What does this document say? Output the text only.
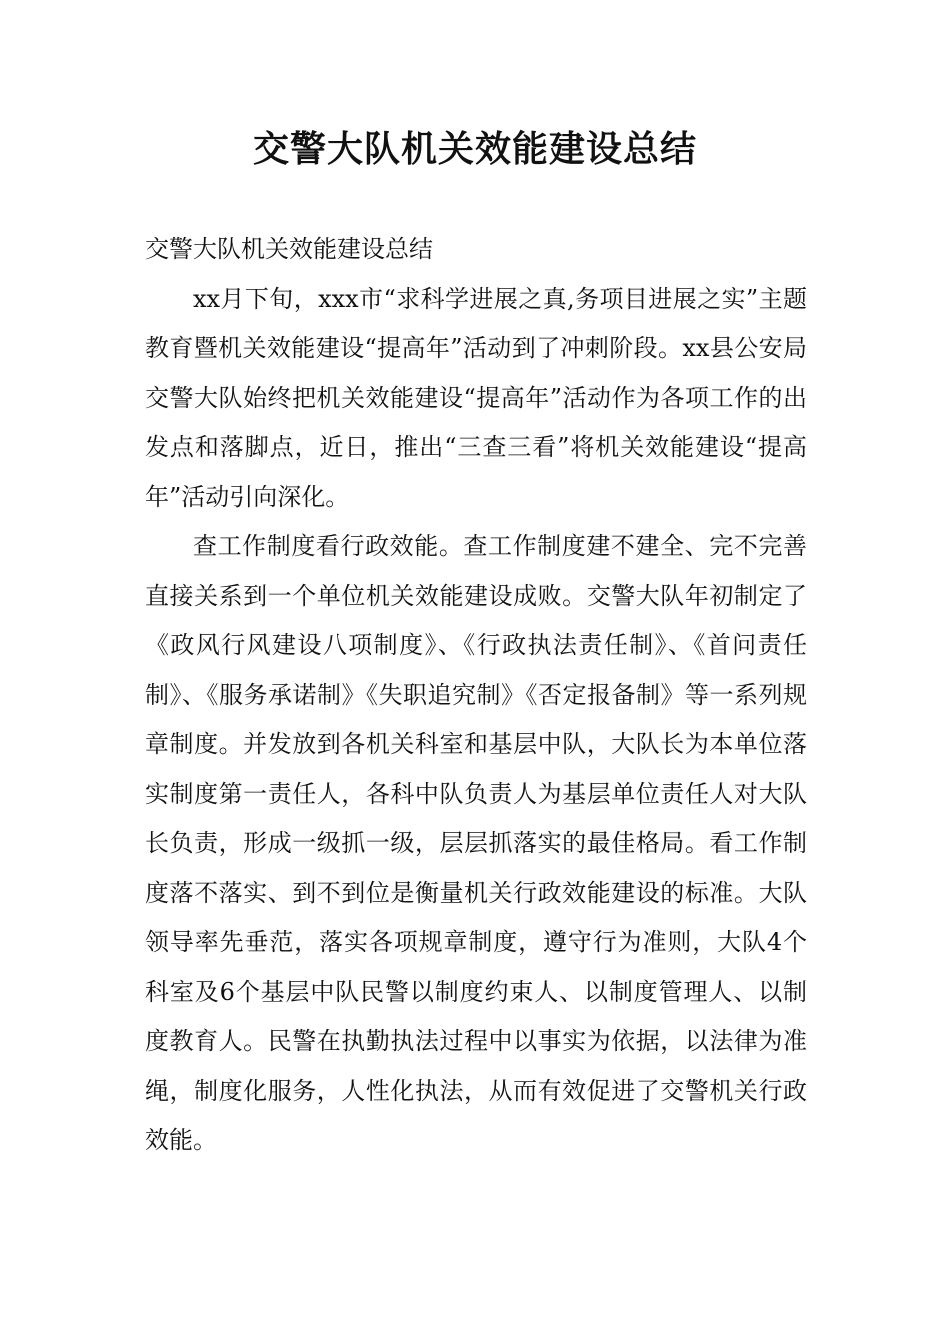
交警大队机关效能建设总结

交警大队机关效能建设总结

xx月下旬，xxx市“求科学进展之真,务项目进展之实”主题教育暨机关效能建设“提高年”活动到了冲刺阶段。xx县公安局交警大队始终把机关效能建设“提高年”活动作为各项工作的出发点和落脚点，近日，推出“三查三看”将机关效能建设“提高年”活动引向深化。

查工作制度看行政效能。查工作制度建不建全、完不完善直接关系到一个单位机关效能建设成败。交警大队年初制定了《政风行风建设八项制度》、《行政执法责任制》、《首问责任制》、《服务承诺制》《失职追究制》《否定报备制》等一系列规章制度。并发放到各机关科室和基层中队，大队长为本单位落实制度第一责任人，各科中队负责人为基层单位责任人对大队长负责，形成一级抓一级，层层抓落实的最佳格局。看工作制度落不落实、到不到位是衡量机关行政效能建设的标准。大队领导率先垂范，落实各项规章制度，遵守行为准则，大队4个科室及6个基层中队民警以制度约束人、以制度管理人、以制度教育人。民警在执勤执法过程中以事实为依据，以法律为准绳，制度化服务，人性化执法，从而有效促进了交警机关行政效能。
